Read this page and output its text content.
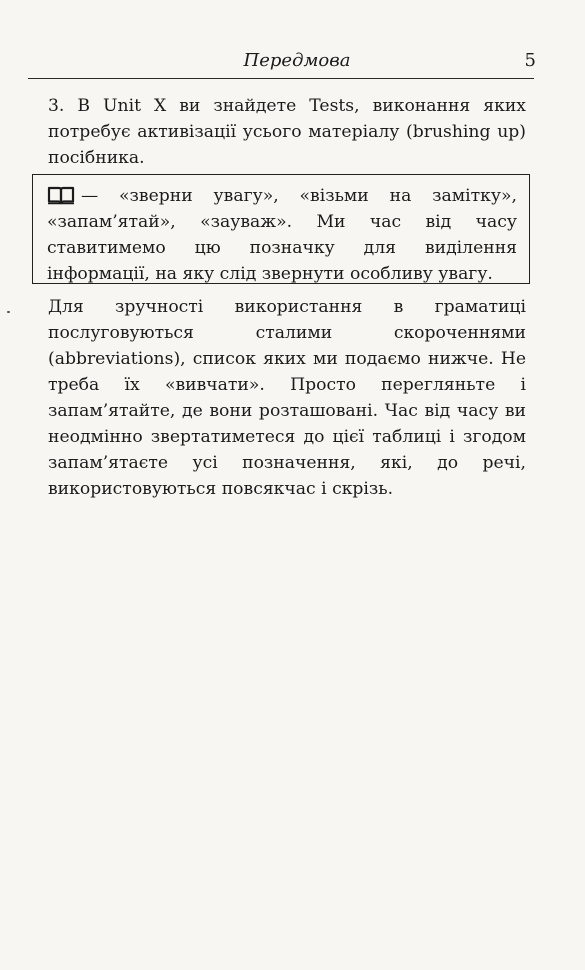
Передмова	5

3. В Unit X ви знайдете Tests, виконання яких потребує активізації усього матеріалу (brushing up) посібника.

— «зверни увагу», «візьми на замітку», «запам’ятай», «зауваж». Ми час від часу ставитимемо цю позначку для виділення інформації, на яку слід звернути особливу увагу.

Для зручності використання в граматиці послуговуються сталими скороченнями (abbreviations), список яких ми подаємо нижче. Не треба їх «вивчати». Просто перегляньте і запам’ятайте, де вони розташовані. Час від часу ви неодмінно звертатиметеся до цієї таблиці і згодом запам’ятаєте усі позначення, які, до речі, використовуються повсякчас і скрізь.
